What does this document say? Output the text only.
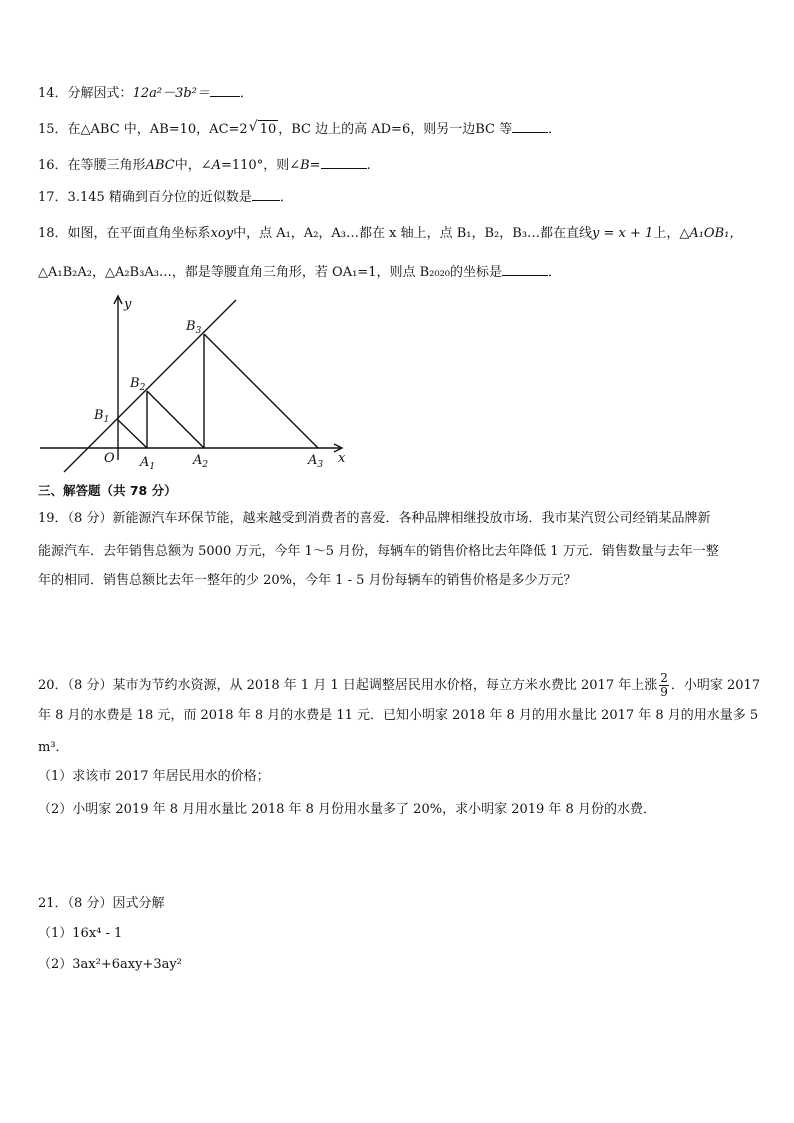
14．分解因式：12a²－3b²＝ ．
15．在△ABC 中，AB=10，AC=2√ 10 ，BC 边上的高 AD=6，则另一边BC 等	．
16．在等腰三角形ABC中，∠A=110°，则∠B=	.
17．3.145 精确到百分位的近似数是 ．
18．如图，在平面直角坐标系xoy中，点 A₁，A₂，A₃…都在 x 轴上，点 B₁，B₂，B₃…都在直线y = x + 1上，△A₁OB₁，
△A₁B₂A₂，△A₂B₃A₃…，都是等腰直角三角形，若 OA₁=1，则点 B₂₀₂₀的坐标是	．
y
x
O $A_1$	$A_2$	$A_3$
$B_1$
$B_2$
$B_3$
三、解答题（共 78 分）
19．（8 分）新能源汽车环保节能，越来越受到消费者的喜爱．各种品牌相继投放市场．我市某汽贸公司经销某品牌新
能源汽车．去年销售总额为 5000 万元，今年 1～5 月份，每辆车的销售价格比去年降低 1 万元．销售数量与去年一整
年的相同．销售总额比去年一整年的少 20%，今年 1 - 5 月份每辆车的销售价格是多少万元？
20．（8 分）某市为节约水资源，从 2018 年 1 月 1 日起调整居民用水价格，每立方米水费比 2017 年上涨 $\frac{2}{9}$ ．小明家 2017
年 8 月的水费是 18 元，而 2018 年 8 月的水费是 11 元．已知小明家 2018 年 8 月的用水量比 2017 年 8 月的用水量多 5
m³．
（1）求该市 2017 年居民用水的价格；
（2）小明家 2019 年 8 月用水量比 2018 年 8 月份用水量多了 20%，求小明家 2019 年 8 月份的水费．
21．（8 分）因式分解
（1）16x⁴ - 1
（2）3ax²+6axy+3ay²
